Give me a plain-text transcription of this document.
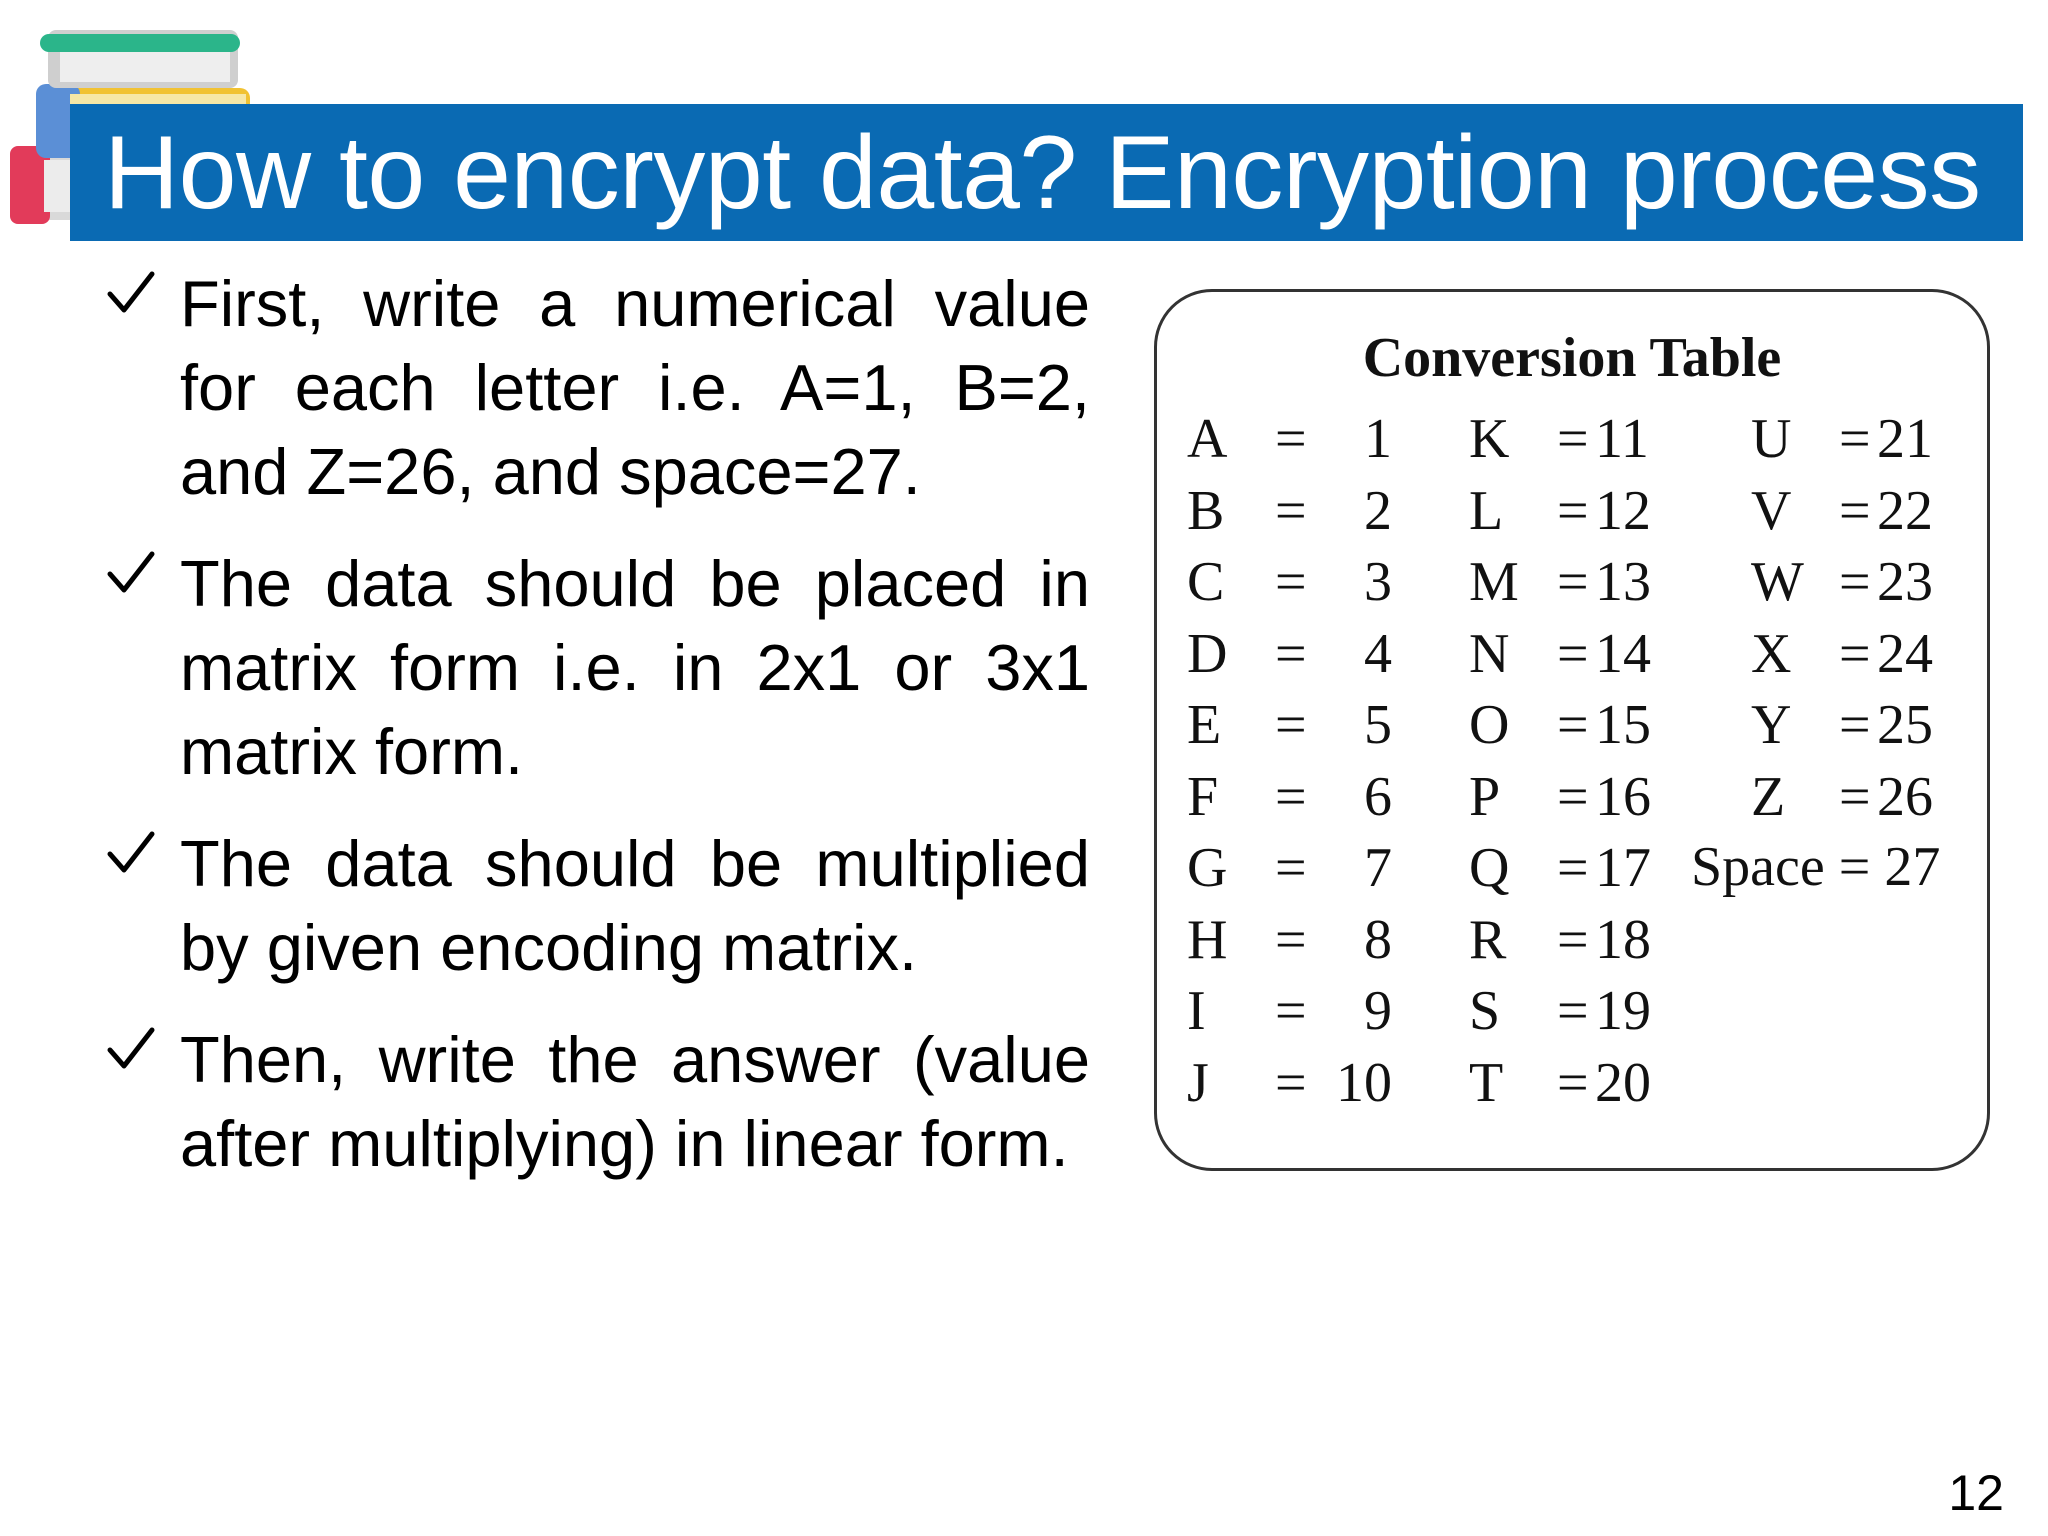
How to encrypt data? Encryption process
First, write a numerical value for each letter i.e. A=1, B=2, and Z=26, and space=27.
The data should be placed in matrix form i.e. in 2x1 or 3x1 matrix form.
The data should be multiplied by given encoding matrix.
Then, write the answer (value after multiplying) in linear form.
Conversion Table
A =	1
B =	2
C =	3
D =	4
E =	5
F =	6
G =	7
H =	8
I =	9
J = 10
K = 11
L = 12
M = 13
N = 14
O = 15
P = 16
Q = 17
R = 18
S = 19
T = 20
U = 21
V = 22
W = 23
X = 24
Y = 25
Z = 26
Space = 27
12
